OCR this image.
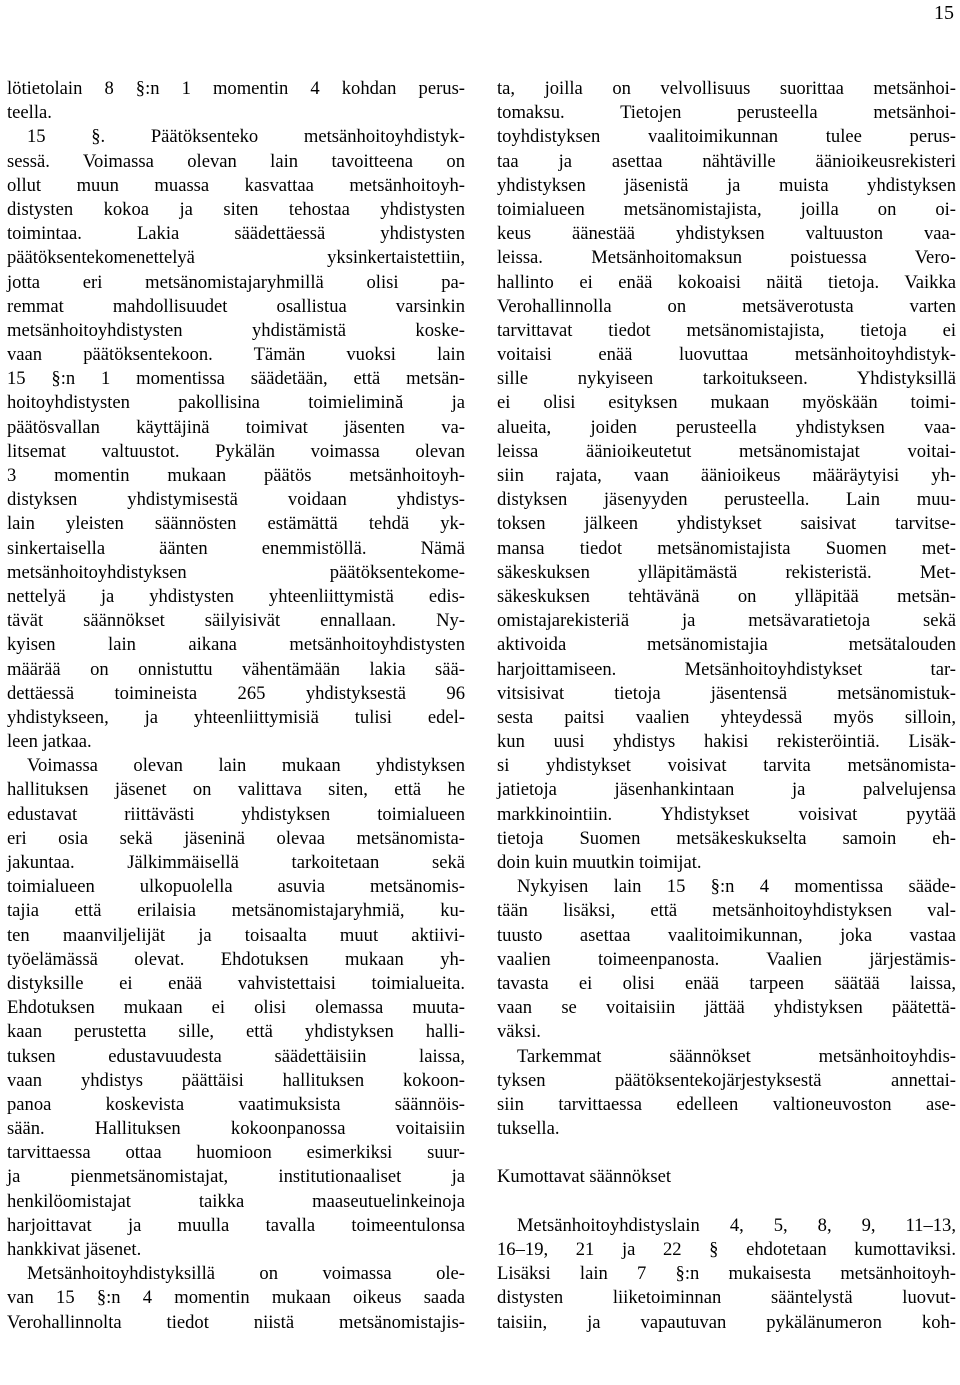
15
lötietolain 8 §:n 1 momentin 4 kohdan perus-
teella.
15 §. Päätöksenteko metsänhoitoyhdistyk-
sessä. Voimassa olevan lain tavoitteena on
ollut muun muassa kasvattaa metsänhoitoyh-
distysten kokoa ja siten tehostaa yhdistysten
toimintaa. Lakia säädettäessä yhdistysten
päätöksentekomenettelyä yksinkertaistettiin,
jotta eri metsänomistajaryhmillä olisi pa-
remmat mahdollisuudet osallistua varsinkin
metsänhoitoyhdistysten yhdistämistä koske-
vaan päätöksentekoon. Tämän vuoksi lain
15 §:n 1 momentissa säädetään, että metsän-
hoitoyhdistysten pakollisina toimielimină ja
päätösvallan käyttäjinä toimivat jäsenten va-
litsemat valtuustot. Pykälän voimassa olevan
3 momentin mukaan päätös metsänhoitoyh-
distyksen yhdistymisestä voidaan yhdistys-
lain yleisten säännösten estämättä tehdä yk-
sinkertaisella äänten enemmistöllä. Nämä
metsänhoitoyhdistyksen päätöksentekome-
nettelyä ja yhdistysten yhteenliittymistä edis-
tävät säännökset säilyisivät ennallaan. Ny-
kyisen lain aikana metsänhoitoyhdistysten
määrää on onnistuttu vähentämään lakia sää-
dettäessä toimineista 265 yhdistyksestä 96
yhdistykseen, ja yhteenliittymisiä tulisi edel-
leen jatkaa.
Voimassa olevan lain mukaan yhdistyksen
hallituksen jäsenet on valittava siten, että he
edustavat riittävästi yhdistyksen toimialueen
eri osia sekä jäseninä olevaa metsänomista-
jakuntaa. Jälkimmäisellä tarkoitetaan sekä
toimialueen ulkopuolella asuvia metsänomis-
tajia että erilaisia metsänomistajaryhmiä, ku-
ten maanviljelijät ja toisaalta muut aktiivi-
työelämässä olevat. Ehdotuksen mukaan yh-
distyksille ei enää vahvistettaisi toimialueita.
Ehdotuksen mukaan ei olisi olemassa muuta-
kaan perustetta sille, että yhdistyksen halli-
tuksen edustavuudesta säädettäisiin laissa,
vaan yhdistys päättäisi hallituksen kokoon-
panoa koskevista vaatimuksista säännöis-
sään. Hallituksen kokoonpanossa voitaisiin
tarvittaessa ottaa huomioon esimerkiksi suur-
ja pienmetsänomistajat, institutionaaliset ja
henkilöomistajat taikka maaseutuelinkeinoja
harjoittavat ja muulla tavalla toimeentulonsa
hankkivat jäsenet.
Metsänhoitoyhdistyksillä on voimassa ole-
van 15 §:n 4 momentin mukaan oikeus saada
Verohallinnolta tiedot niistä metsänomistajis-
ta, joilla on velvollisuus suorittaa metsänhoi-
tomaksu. Tietojen perusteella metsänhoi-
toyhdistyksen vaalitoimikunnan tulee perus-
taa ja asettaa nähtäville äänioikeusrekisteri
yhdistyksen jäsenistä ja muista yhdistyksen
toimialueen metsänomistajista, joilla on oi-
keus äänestää yhdistyksen valtuuston vaa-
leissa. Metsänhoitomaksun poistuessa Vero-
hallinto ei enää kokoaisi näitä tietoja. Vaikka
Verohallinnolla on metsäverotusta varten
tarvittavat tiedot metsänomistajista, tietoja ei
voitaisi enää luovuttaa metsänhoitoyhdistyk-
sille nykyiseen tarkoitukseen. Yhdistyksillä
ei olisi esityksen mukaan myöskään toimi-
alueita, joiden perusteella yhdistyksen vaa-
leissa äänioikeutetut metsänomistajat voitai-
siin rajata, vaan äänioikeus määräytyisi yh-
distyksen jäsenyyden perusteella. Lain muu-
toksen jälkeen yhdistykset saisivat tarvitse-
mansa tiedot metsänomistajista Suomen met-
säkeskuksen ylläpitämästä rekisteristä. Met-
säkeskuksen tehtävänä on ylläpitää metsän-
omistajarekisteriä ja metsävaratietoja sekä
aktivoida metsänomistajia metsätalouden
harjoittamiseen. Metsänhoitoyhdistykset tar-
vitsisivat tietoja jäsentensä metsänomistuk-
sesta paitsi vaalien yhteydessä myös silloin,
kun uusi yhdistys hakisi rekisteröintiä. Lisäk-
si yhdistykset voisivat tarvita metsänomista-
jatietoja jäsenhankintaan ja palvelujensa
markkinointiin. Yhdistykset voisivat pyytää
tietoja Suomen metsäkeskukselta samoin eh-
doin kuin muutkin toimijat.
Nykyisen lain 15 §:n 4 momentissa sääde-
tään lisäksi, että metsänhoitoyhdistyksen val-
tuusto asettaa vaalitoimikunnan, joka vastaa
vaalien toimeenpanosta. Vaalien järjestämis-
tavasta ei olisi enää tarpeen säätää laissa,
vaan se voitaisiin jättää yhdistyksen päätettä-
väksi.
Tarkemmat säännökset metsänhoitoyhdis-
tyksen päätöksentekojärjestyksestä annettai-
siin tarvittaessa edelleen valtioneuvoston ase-
tuksella.
Kumottavat säännökset
Metsänhoitoyhdistyslain 4, 5, 8, 9, 11–13,
16–19, 21 ja 22 § ehdotetaan kumottaviksi.
Lisäksi lain 7 §:n mukaisesta metsänhoitoyh-
distysten liiketoiminnan sääntelystä luovut-
taisiin, ja vapautuvan pykälänumeron koh-
